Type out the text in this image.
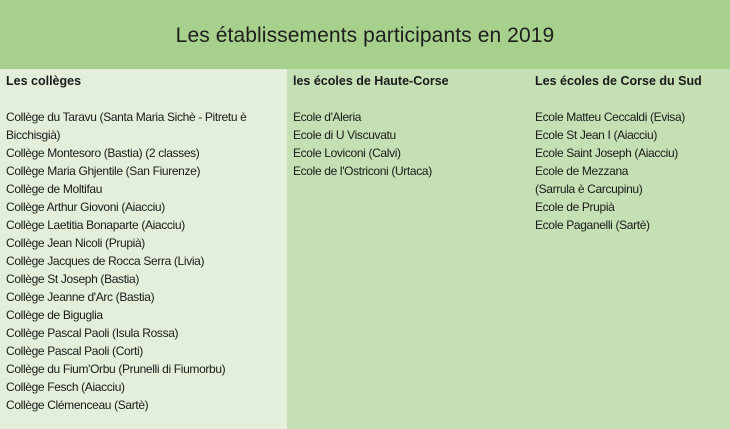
Les établissements participants en 2019
Les collèges
Collège du Taravu (Santa Maria Sichè - Pitretu è Bicchisgià)
Collège Montesoro (Bastia) (2 classes)
Collège Maria Ghjentile (San Fiurenze)
Collège de Moltifau
Collège Arthur Giovoni (Aiacciu)
Collège Laetitia Bonaparte (Aiacciu)
Collège Jean Nicoli (Prupià)
Collège Jacques de Rocca Serra (Livia)
Collège St Joseph (Bastia)
Collège Jeanne d'Arc (Bastia)
Collège de Biguglia
Collège Pascal Paoli (Isula Rossa)
Collège Pascal Paoli (Corti)
Collège du Fium'Orbu (Prunelli di Fiumorbu)
Collège Fesch (Aiacciu)
Collège Clémenceau (Sartè)
les écoles de Haute-Corse
Ecole d'Aleria
Ecole di U Viscuvatu
Ecole Loviconi (Calvi)
Ecole de l'Ostriconi (Urtaca)
Les écoles de Corse du Sud
Ecole Matteu Ceccaldi (Evisa)
Ecole St Jean I (Aiacciu)
Ecole Saint Joseph (Aiacciu)
Ecole de Mezzana
(Sarrula è Carcupinu)
Ecole de Prupià
Ecole Paganelli (Sartè)
